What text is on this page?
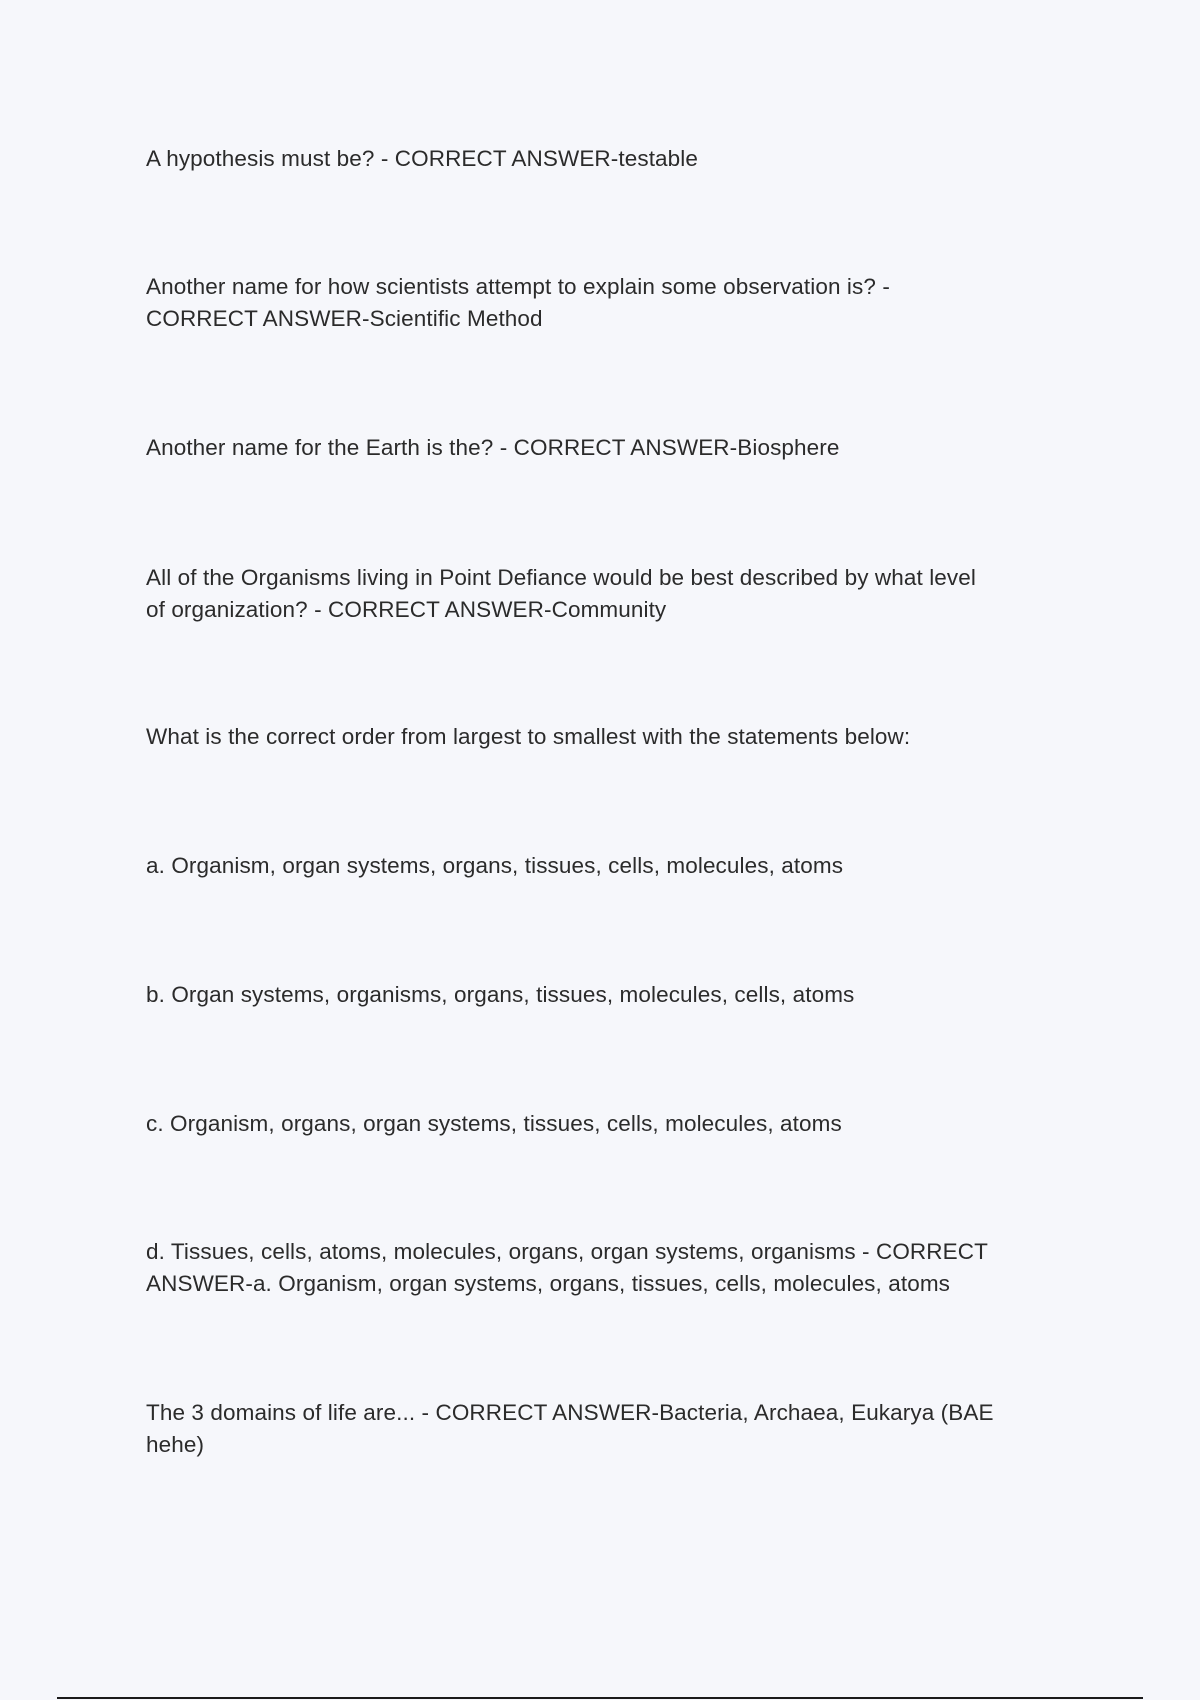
A hypothesis must be? - CORRECT ANSWER-testable
Another name for how scientists attempt to explain some observation is? -
CORRECT ANSWER-Scientific Method
Another name for the Earth is the? - CORRECT ANSWER-Biosphere
All of the Organisms living in Point Defiance would be best described by what level
of organization? - CORRECT ANSWER-Community
What is the correct order from largest to smallest with the statements below:
a. Organism, organ systems, organs, tissues, cells, molecules, atoms
b. Organ systems, organisms, organs, tissues, molecules, cells, atoms
c. Organism, organs, organ systems, tissues, cells, molecules, atoms
d. Tissues, cells, atoms, molecules, organs, organ systems, organisms - CORRECT
ANSWER-a. Organism, organ systems, organs, tissues, cells, molecules, atoms
The 3 domains of life are... - CORRECT ANSWER-Bacteria, Archaea, Eukarya (BAE
hehe)
